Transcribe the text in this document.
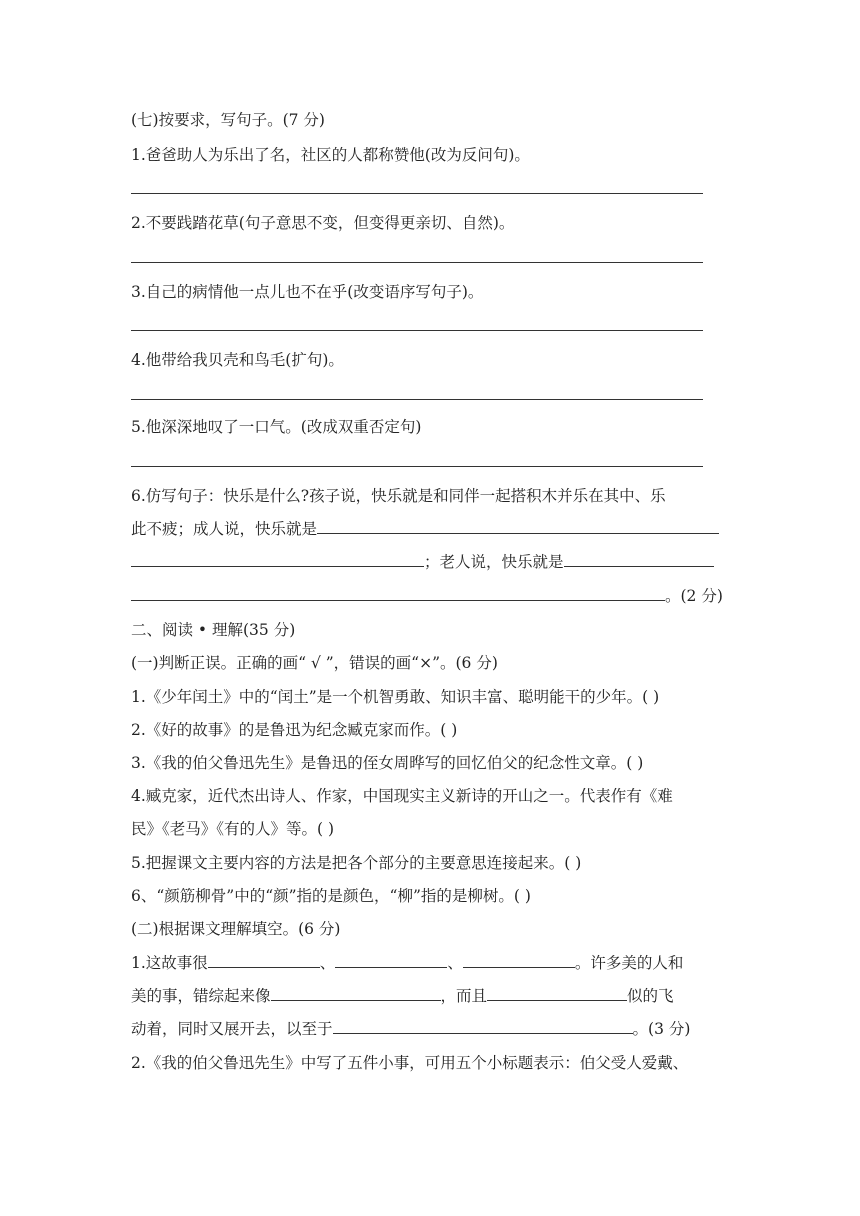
(七)按要求，写句子。(7 分)
1.爸爸助人为乐出了名，社区的人都称赞他(改为反问句)。
2.不要践踏花草(句子意思不变，但变得更亲切、自然)。
3.自己的病情他一点儿也不在乎(改变语序写句子)。
4.他带给我贝壳和鸟毛(扩句)。
5.他深深地叹了一口气。(改成双重否定句)
6.仿写句子：快乐是什么?孩子说，快乐就是和同伴一起搭积木并乐在其中、乐
此不疲；成人说，快乐就是
；老人说，快乐就是
。(2 分)
二、阅读 • 理解(35 分)
(一)判断正误。正确的画“ √ ”，错误的画“×”。(6 分)
1.《少年闰土》中的“闰土”是一个机智勇敢、知识丰富、聪明能干的少年。( )
2.《好的故事》的是鲁迅为纪念臧克家而作。( )
3.《我的伯父鲁迅先生》是鲁迅的侄女周晔写的回忆伯父的纪念性文章。( )
4.臧克家，近代杰出诗人、作家，中国现实主义新诗的开山之一。代表作有《难
民》《老马》《有的人》等。( )
5.把握课文主要内容的方法是把各个部分的主要意思连接起来。( )
6、“颜筋柳骨”中的“颜”指的是颜色，“柳”指的是柳树。( )
(二)根据课文理解填空。(6 分)
1.这故事很	、	、	。许多美的人和
美的事，错综起来像	，而且	似的飞
动着，同时又展开去，以至于	。(3 分)
2.《我的伯父鲁迅先生》中写了五件小事，可用五个小标题表示：伯父受人爱戴、
